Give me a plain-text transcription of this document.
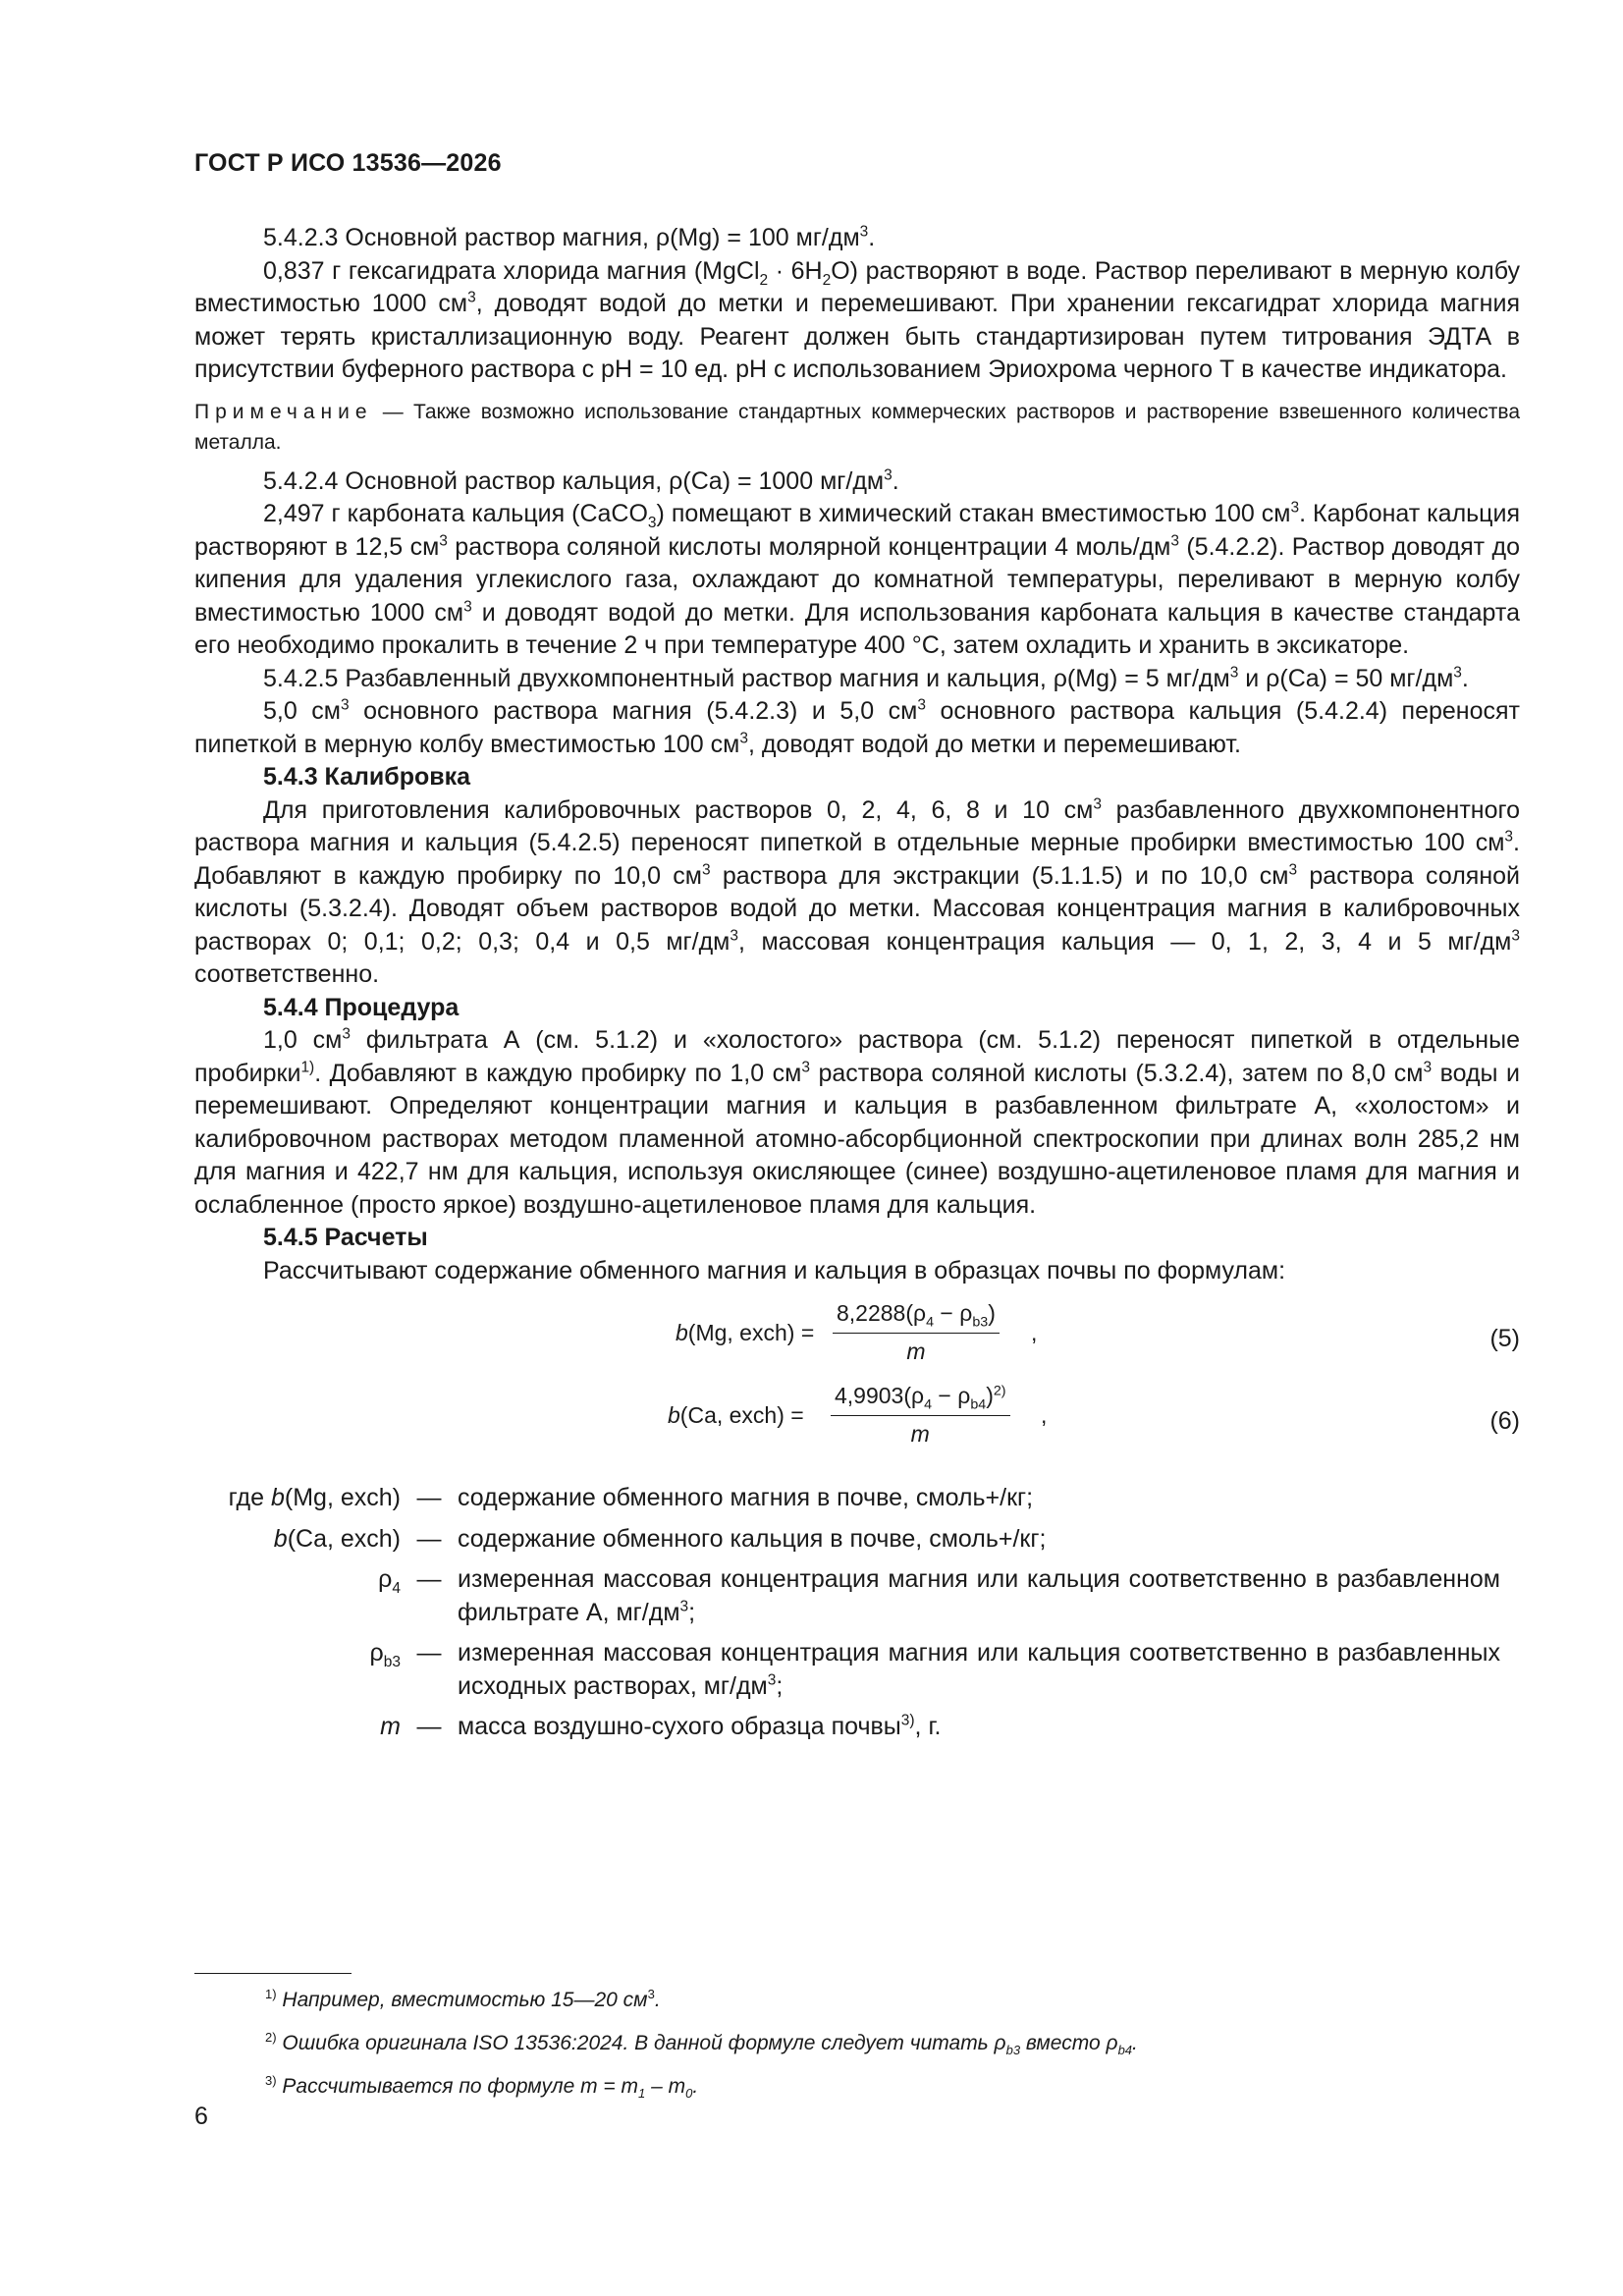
ГОСТ Р ИСО 13536—2026

5.4.2.3 Основной раствор магния, ρ(Mg) = 100 $мг/дм^3$.

0,837 г гексагидрата хлорида магния (MgCl$_2$ · $6H_2O$) растворяют в воде. Раствор переливают в мерную колбу вместимостью 1000 $см^3$, доводят водой до метки и перемешивают. При хранении гексагидрат хлорида магния может терять кристаллизационную воду. Реагент должен быть стандартизирован путем титрования ЭДТА в присутствии буферного раствора с pH = 10 ед. pH с использованием Эриохрома черного Т в качестве индикатора.

Примечание — Также возможно использование стандартных коммерческих растворов и растворение взвешенного количества металла.

5.4.2.4 Основной раствор кальция, ρ(Ca) = 1000 $мг/дм^3$.

2,497 г карбоната кальция (CaCO$_3$) помещают в химический стакан вместимостью 100 $см^3$. Карбонат кальция растворяют в 12,5 $см^3$ раствора соляной кислоты молярной концентрации 4 моль/$дм^3$ (5.4.2.2). Раствор доводят до кипения для удаления углекислого газа, охлаждают до комнатной температуры, переливают в мерную колбу вместимостью 1000 $см^3$ и доводят водой до метки. Для использования карбоната кальция в качестве стандарта его необходимо прокалить в течение 2 ч при температуре 400 °C, затем охладить и хранить в эксикаторе.

5.4.2.5 Разбавленный двухкомпонентный раствор магния и кальция, ρ(Mg) = 5 $мг/дм^3$ и ρ(Ca) = 50 $мг/дм^3$.

5,0 $см^3$ основного раствора магния (5.4.2.3) и 5,0 $см^3$ основного раствора кальция (5.4.2.4) переносят пипеткой в мерную колбу вместимостью 100 $см^3$, доводят водой до метки и перемешивают.

5.4.3 Калибровка

Для приготовления калибровочных растворов 0, 2, 4, 6, 8 и 10 $см^3$ разбавленного двухкомпонентного раствора магния и кальция (5.4.2.5) переносят пипеткой в отдельные мерные пробирки вместимостью 100 $см^3$. Добавляют в каждую пробирку по 10,0 $см^3$ раствора для экстракции (5.1.1.5) и по 10,0 $см^3$ раствора соляной кислоты (5.3.2.4). Доводят объем растворов водой до метки. Массовая концентрация магния в калибровочных растворах 0; 0,1; 0,2; 0,3; 0,4 и 0,5 $мг/дм^3$, массовая концентрация кальция — 0, 1, 2, 3, 4 и 5 $мг/дм^3$ соответственно.

5.4.4 Процедура

1,0 $см^3$ фильтрата А (см. 5.1.2) и «холостого» раствора (см. 5.1.2) переносят пипеткой в отдельные пробирки$^{1)}$. Добавляют в каждую пробирку по 1,0 $см^3$ раствора соляной кислоты (5.3.2.4), затем по 8,0 $см^3$ воды и перемешивают. Определяют концентрации магния и кальция в разбавленном фильтрате А, «холостом» и калибровочном растворах методом пламенной атомно-абсорбционной спектроскопии при длинах волн 285,2 нм для магния и 422,7 нм для кальция, используя окисляющее (синее) воздушно-ацетиленовое пламя для магния и ослабленное (просто яркое) воздушно-ацетиленовое пламя для кальция.

5.4.5 Расчеты

Рассчитывают содержание обменного магния и кальция в образцах почвы по формулам:

b(Mg, exch) = $\frac{8,2288(\rho_4 - \rho_{b3})}{m}$ ,	(5)
b(Ca, exch) = $\frac{4,9903(\rho_4 - \rho_{b4})^{2)}}{m}$ ,	(6)
где b(Mg, exch) — содержание обменного магния в почве, смоль+/кг;
b(Ca, exch) — содержание обменного кальция в почве, смоль+/кг;
$\rho_4$ — измеренная массовая концентрация магния или кальция соответственно в разбавленном фильтрате А, $мг/дм^3$;
$\rho_{b3}$ — измеренная массовая концентрация магния или кальция соответственно в разбавленных исходных растворах, $мг/дм^3$;
m — масса воздушно-сухого образца почвы$^{3)}$, г.
$^{1)}$ Например, вместимостью 15—20 $см^3$.
$^{2)}$ Ошибка оригинала ISO 13536:2024. В данной формуле следует читать $\rho_{b3}$ вместо $\rho_{b4}$.
$^{3)}$ Рассчитывается по формуле $m = m_1 - m_0$.
6
